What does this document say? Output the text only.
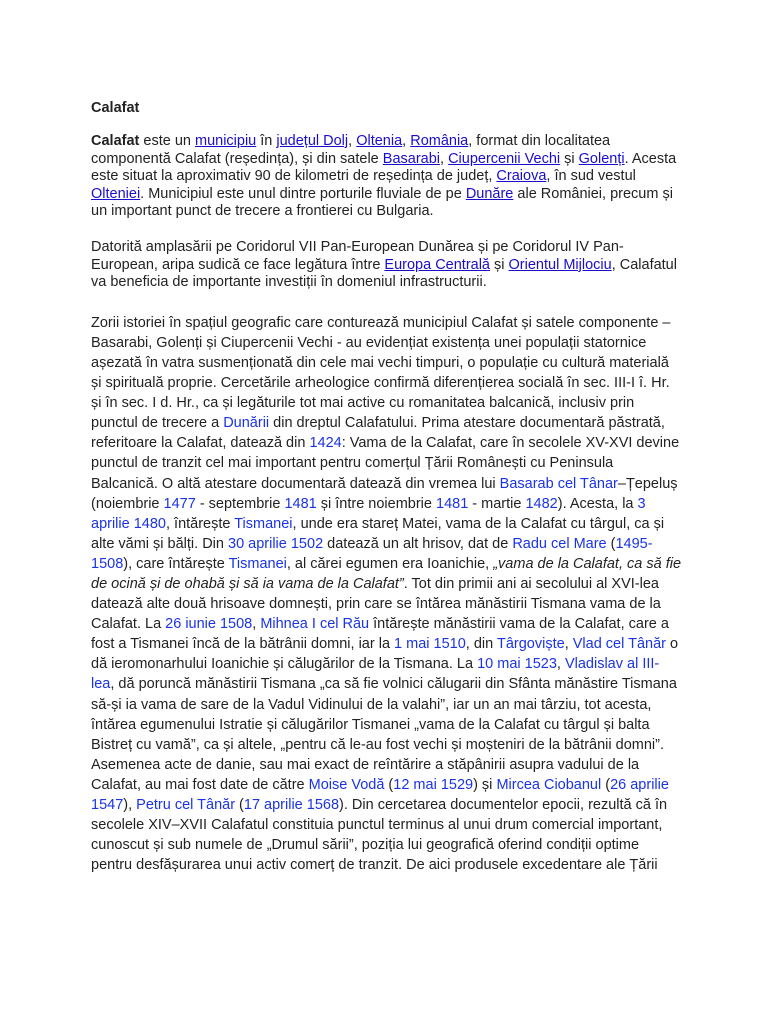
Calafat

Calafat este un municipiu în județul Dolj, Oltenia, România, format din localitatea componentă Calafat (reședința), și din satele Basarabi, Ciupercenii Vechi și Golenți. Acesta este situat la aproximativ 90 de kilometri de reședința de județ, Craiova, în sud vestul Olteniei. Municipiul este unul dintre porturile fluviale de pe Dunăre ale României, precum și un important punct de trecere a frontierei cu Bulgaria.

Datorită amplasării pe Coridorul VII Pan-European Dunărea și pe Coridorul IV Pan-European, aripa sudică ce face legătura între Europa Centrală și Orientul Mijlociu, Calafatul va beneficia de importante investiții în domeniul infrastructurii.

Zorii istoriei în spațiul geografic care conturează municipiul Calafat și satele componente – Basarabi, Golenți și Ciupercenii Vechi - au evidențiat existența unei populații statornice așezată în vatra susmenționată din cele mai vechi timpuri, o populație cu cultură materială și spirituală proprie. Cercetările arheologice confirmă diferențierea socială în sec. III-I î. Hr. și în sec. I d. Hr., ca și legăturile tot mai active cu romanitatea balcanică, inclusiv prin punctul de trecere a Dunării din dreptul Calafatului. Prima atestare documentară păstrată, referitoare la Calafat, datează din 1424: Vama de la Calafat, care în secolele XV-XVI devine punctul de tranzit cel mai important pentru comerțul Țării Românești cu Peninsula Balcanică. O altă atestare documentară datează din vremea lui Basarab cel Tânar–Țepeluș (noiembrie 1477 - septembrie 1481 și între noiembrie 1481 - martie 1482). Acesta, la 3 aprilie 1480, întărește Tismanei, unde era stareț Matei, vama de la Calafat cu târgul, ca și alte vămi și bălți. Din 30 aprilie 1502 datează un alt hrisov, dat de Radu cel Mare (1495-1508), care întărește Tismanei, al cărei egumen era Ioanichie, „vama de la Calafat, ca să fie de ocină și de ohabă și să ia vama de la Calafat”. Tot din primii ani ai secolului al XVI-lea datează alte două hrisoave domnești, prin care se întărea mănăstirii Tismana vama de la Calafat. La 26 iunie 1508, Mihnea I cel Rău întărește mănăstirii vama de la Calafat, care a fost a Tismanei încă de la bătrânii domni, iar la 1 mai 1510, din Târgoviște, Vlad cel Tânăr o dă ieromonarhului Ioanichie și călugărilor de la Tismana. La 10 mai 1523, Vladislav al III-lea, dă poruncă mănăstirii Tismana „ca să fie volnici călugarii din Sfânta mănăstire Tismana să-și ia vama de sare de la Vadul Vidinului de la valahi”, iar un an mai târziu, tot acesta, întărea egumenului Istratie și călugărilor Tismanei „vama de la Calafat cu târgul și balta Bistreț cu vamă”, ca și altele, „pentru că le-au fost vechi și moșteniri de la bătrânii domni”. Asemenea acte de danie, sau mai exact de reîntărire a stăpânirii asupra vadului de la Calafat, au mai fost date de către Moise Vodă (12 mai 1529) și Mircea Ciobanul (26 aprilie 1547), Petru cel Tânăr (17 aprilie 1568). Din cercetarea documentelor epocii, rezultă că în secolele XIV–XVII Calafatul constituia punctul terminus al unui drum comercial important, cunoscut și sub numele de „Drumul sării”, poziția lui geografică oferind condiții optime pentru desfășurarea unui activ comerț de tranzit. De aici produsele excedentare ale Țării
